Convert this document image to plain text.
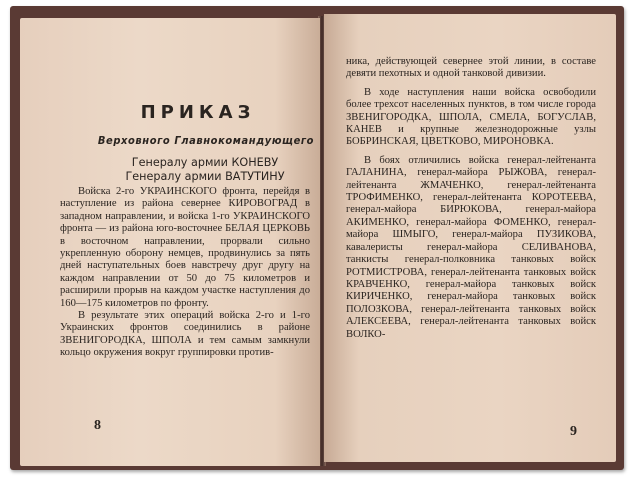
ПРИКАЗ
Верховного Главнокомандующего
Генералу армии КОНЕВУ
Генералу армии ВАТУТИНУ

Войска 2-го УКРАИНСКОГО фронта, перейдя в наступление из района севернее КИРОВОГРАД в западном направлении, и войска 1-го УКРАИНСКОГО фронта — из района юго-восточнее БЕЛАЯ ЦЕРКОВЬ в восточном направлении, прорвали сильно укрепленную оборону немцев, продвинулись за пять дней наступательных боев навстречу друг другу на каждом направлении от 50 до 75 километров и расширили прорыв на каждом участке наступления до 160—175 километров по фронту.

В результате этих операций войска 2-го и 1-го Украинских фронтов соединились в районе ЗВЕНИГОРОДКА, ШПОЛА и тем самым замкнули кольцо окружения вокруг группировки против-

8

ника, действующей севернее этой линии, в составе девяти пехотных и одной танковой дивизии.

В ходе наступления наши войска освободили более трехсот населенных пунктов, в том числе города ЗВЕНИГОРОДКА, ШПОЛА, СМЕЛА, БОГУСЛАВ, КАНЕВ и крупные железнодорожные узлы БОБРИНСКАЯ, ЦВЕТКОВО, МИРОНОВКА.

В боях отличились войска генерал-лейтенанта ГАЛАНИНА, генерал-майора РЫЖОВА, генерал-лейтенанта ЖМАЧЕНКО, генерал-лейтенанта ТРОФИМЕНКО, генерал-лейтенанта КОРОТЕЕВА, генерал-майора БИРЮКОВА, генерал-майора АКИМЕНКО, генерал-майора ФОМЕНКО, генерал-майора ШМЫГО, генерал-майора ПУЗИКОВА, кавалеристы генерал-майора СЕЛИВАНОВА, танкисты генерал-полковника танковых войск РОТМИСТРОВА, генерал-лейтенанта танковых войск КРАВЧЕНКО, генерал-майора танковых войск КИРИЧЕНКО, генерал-майора танковых войск ПОЛОЗКОВА, генерал-лейтенанта танковых войск АЛЕКСЕЕВА, генерал-лейтенанта танковых войск ВОЛКО-

9
